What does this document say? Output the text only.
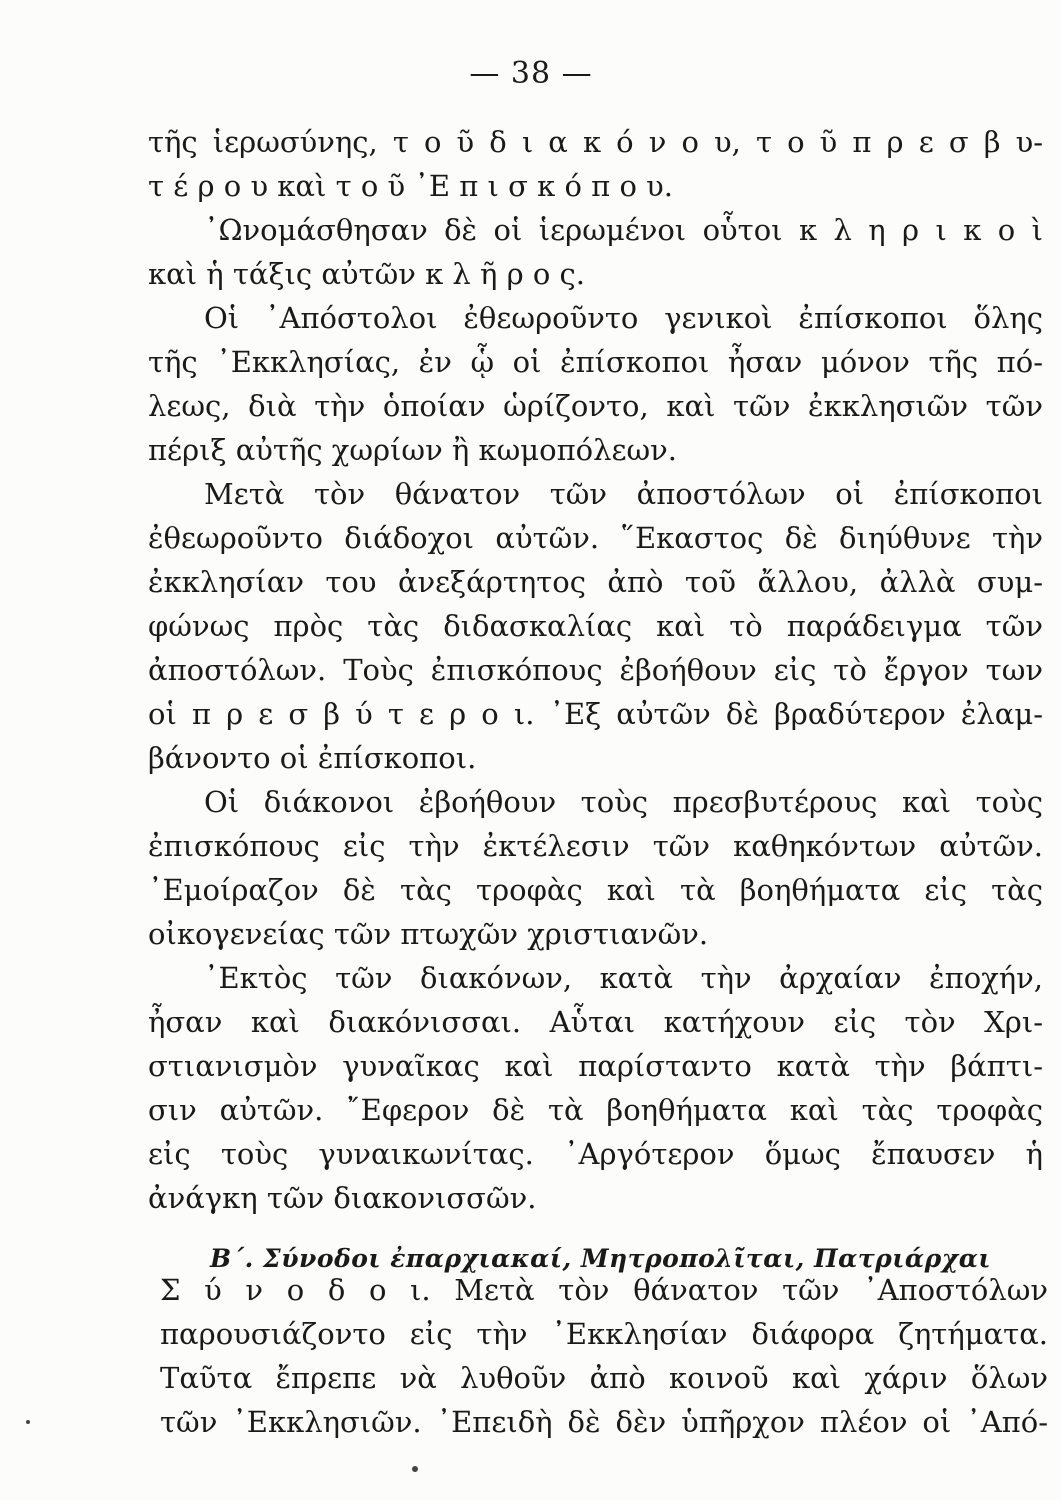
— 38 —
τῆς ἱερωσύνης, τ ο ῦ δ ι α κ ό ν ο υ, τ ο ῦ π ρ ε σ β υ-
τ έ ρ ο υ καὶ τ ο ῦ ᾿Ε π ι σ κ ό π ο υ.
᾿Ωνομάσθησαν δὲ οἱ ἱερωμένοι οὗτοι κ λ η ρ ι κ ο ὶ
καὶ ἡ τάξις αὐτῶν κ λ ῆ ρ ο ς.
Οἱ ᾿Απόστολοι ἐθεωροῦντο γενικοὶ ἐπίσκοποι ὅλης
τῆς ᾿Εκκλησίας, ἐν ᾧ οἱ ἐπίσκοποι ἦσαν μόνον τῆς πό-
λεως, διὰ τὴν ὁποίαν ὡρίζοντο, καὶ τῶν ἐκκλησιῶν τῶν
πέριξ αὐτῆς χωρίων ἢ κωμοπόλεων.
Μετὰ τὸν θάνατον τῶν ἀποστόλων οἱ ἐπίσκοποι
ἐθεωροῦντο διάδοχοι αὐτῶν. ῞Εκαστος δὲ διηύθυνε τὴν
ἐκκλησίαν του ἀνεξάρτητος ἀπὸ τοῦ ἄλλου, ἀλλὰ συμ-
φώνως πρὸς τὰς διδασκαλίας καὶ τὸ παράδειγμα τῶν
ἀποστόλων. Τοὺς ἐπισκόπους ἐβοήθουν εἰς τὸ ἔργον των
οἱ π ρ ε σ β ύ τ ε ρ ο ι. ᾿Εξ αὐτῶν δὲ βραδύτερον ἐλαμ-
βάνοντο οἱ ἐπίσκοποι.
Οἱ διάκονοι ἐβοήθουν τοὺς πρεσβυτέρους καὶ τοὺς
ἐπισκόπους εἰς τὴν ἐκτέλεσιν τῶν καθηκόντων αὐτῶν.
᾿Εμοίραζον δὲ τὰς τροφὰς καὶ τὰ βοηθήματα εἰς τὰς
οἰκογενείας τῶν πτωχῶν χριστιανῶν.
᾿Εκτὸς τῶν διακόνων, κατὰ τὴν ἀρχαίαν ἐποχήν,
ἦσαν καὶ διακόνισσαι. Αὗται κατήχουν εἰς τὸν Χρι-
στιανισμὸν γυναῖκας καὶ παρίσταντο κατὰ τὴν βάπτι-
σιν αὐτῶν. ῎Εφερον δὲ τὰ βοηθήματα καὶ τὰς τροφὰς
εἰς τοὺς γυναικωνίτας. ᾿Αργότερον ὅμως ἔπαυσεν ἡ
ἀνάγκη τῶν διακονισσῶν.
Β΄. Σύνοδοι ἐπαρχιακαί, Μητροπολῖται, Πατριάρχαι
Σ ύ ν ο δ ο ι. Μετὰ τὸν θάνατον τῶν ᾿Αποστόλων
παρουσιάζοντο εἰς τὴν ᾿Εκκλησίαν διάφορα ζητήματα.
Ταῦτα ἔπρεπε νὰ λυθοῦν ἀπὸ κοινοῦ καὶ χάριν ὅλων
τῶν ᾿Εκκλησιῶν. ᾿Επειδὴ δὲ δὲν ὑπῆρχον πλέον οἱ ᾿Από-
